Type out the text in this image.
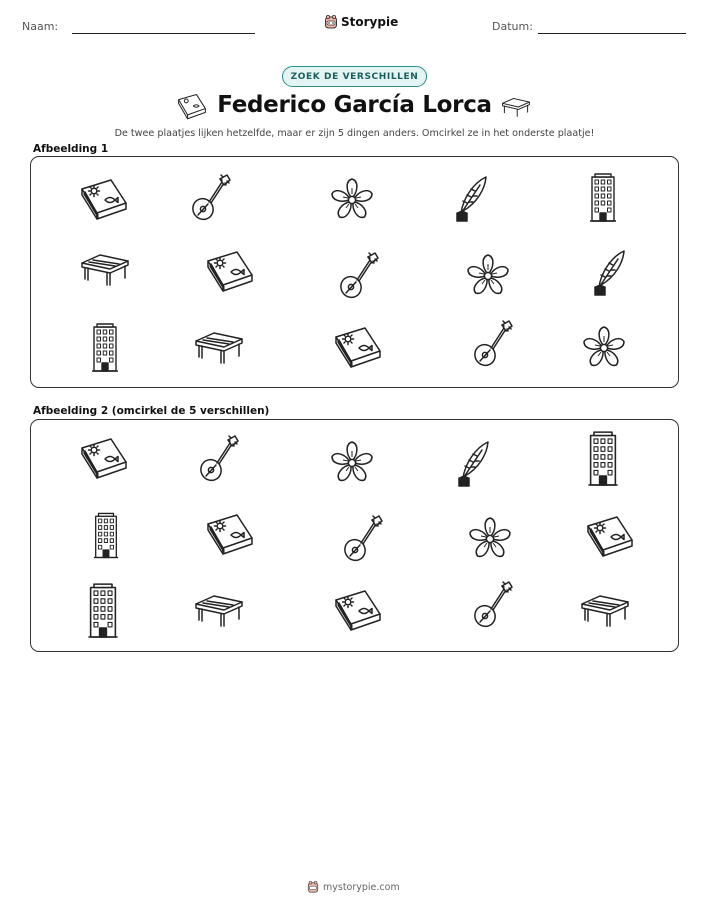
Naam:	Storypie	Datum:
ZOEK DE VERSCHILLEN
Federico García Lorca
De twee plaatjes lijken hetzelfde, maar er zijn 5 dingen anders. Omcirkel ze in het onderste plaatje!
Afbeelding 1
Afbeelding 2 (omcirkel de 5 verschillen)
mystorypie.com
